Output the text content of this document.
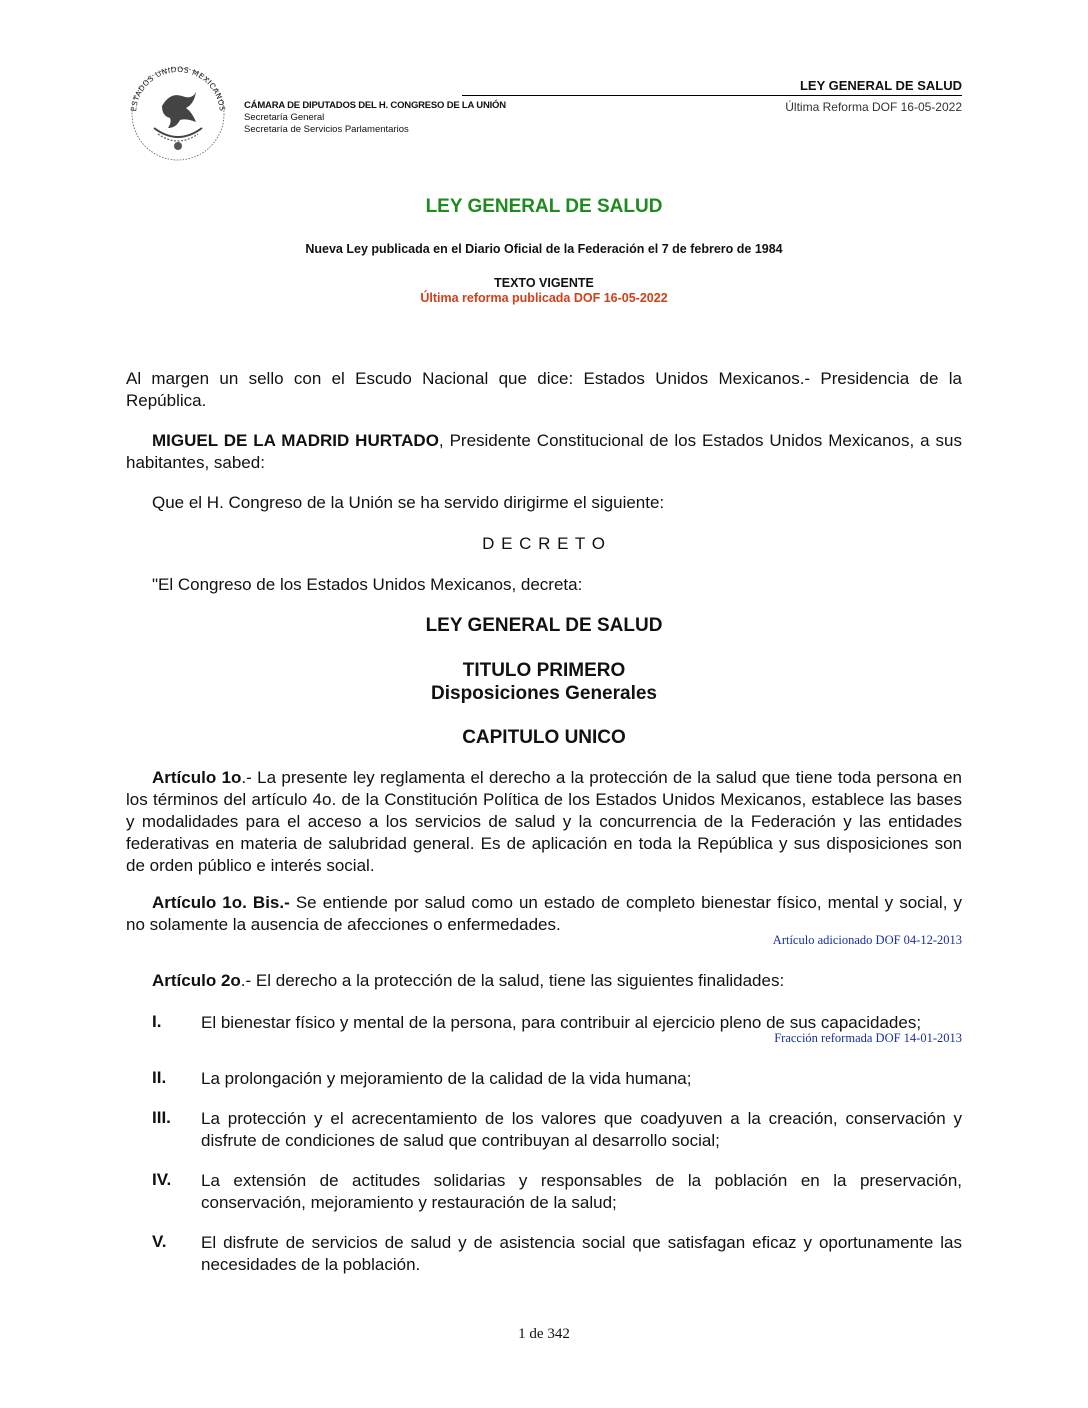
ESTADOS UNIDOS MEXICANOS CÁMARA DE DIPUTADOS DEL H. CONGRESO DE LA UNIÓN
Secretaría General
Secretaría de Servicios Parlamentarios
LEY GENERAL DE SALUD
Última Reforma DOF 16-05-2022
LEY GENERAL DE SALUD
Nueva Ley publicada en el Diario Oficial de la Federación el 7 de febrero de 1984
TEXTO VIGENTE
Última reforma publicada DOF 16-05-2022
Al margen un sello con el Escudo Nacional que dice: Estados Unidos Mexicanos.- Presidencia de la República.
MIGUEL DE LA MADRID HURTADO, Presidente Constitucional de los Estados Unidos Mexicanos, a sus habitantes, sabed:
Que el H. Congreso de la Unión se ha servido dirigirme el siguiente:
D E C R E T O
"El Congreso de los Estados Unidos Mexicanos, decreta:
LEY GENERAL DE SALUD
TITULO PRIMERO
Disposiciones Generales
CAPITULO UNICO
Artículo 1o.- La presente ley reglamenta el derecho a la protección de la salud que tiene toda persona en los términos del artículo 4o. de la Constitución Política de los Estados Unidos Mexicanos, establece las bases y modalidades para el acceso a los servicios de salud y la concurrencia de la Federación y las entidades federativas en materia de salubridad general. Es de aplicación en toda la República y sus disposiciones son de orden público e interés social.
Artículo 1o. Bis.- Se entiende por salud como un estado de completo bienestar físico, mental y social, y no solamente la ausencia de afecciones o enfermedades.
Artículo adicionado DOF 04-12-2013
Artículo 2o.- El derecho a la protección de la salud, tiene las siguientes finalidades:
I. El bienestar físico y mental de la persona, para contribuir al ejercicio pleno de sus capacidades;
Fracción reformada DOF 14-01-2013
II. La prolongación y mejoramiento de la calidad de la vida humana;
III. La protección y el acrecentamiento de los valores que coadyuven a la creación, conservación y disfrute de condiciones de salud que contribuyan al desarrollo social;
IV. La extensión de actitudes solidarias y responsables de la población en la preservación, conservación, mejoramiento y restauración de la salud;
V. El disfrute de servicios de salud y de asistencia social que satisfagan eficaz y oportunamente las necesidades de la población.
1 de 342
